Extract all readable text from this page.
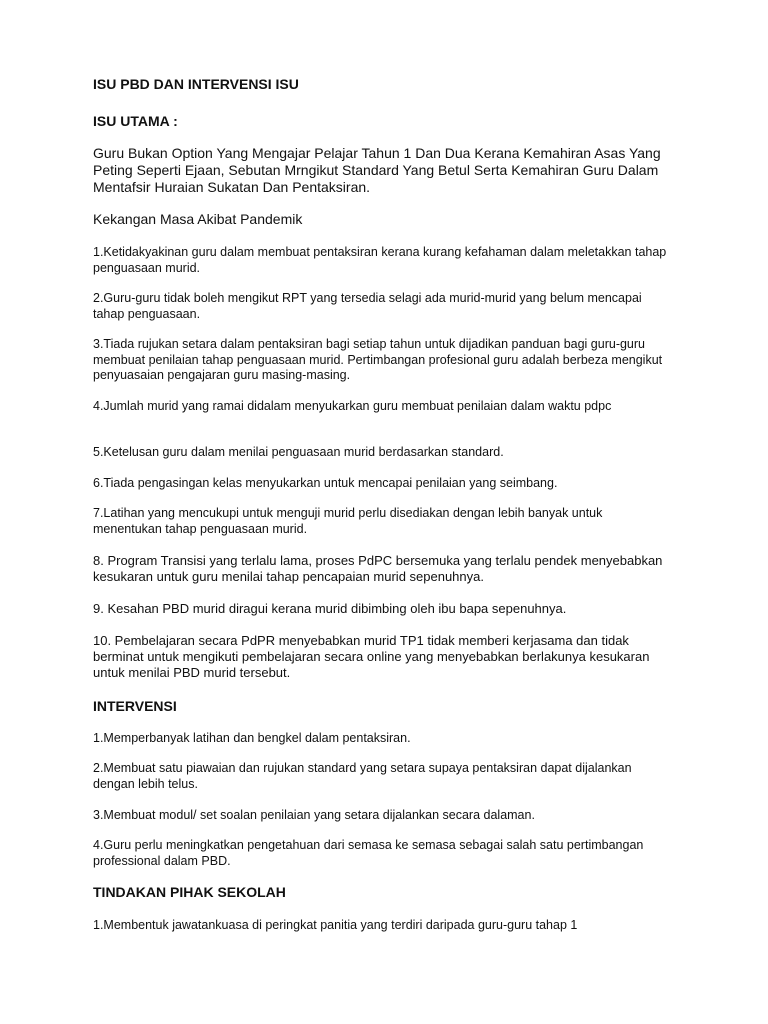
ISU PBD DAN INTERVENSI ISU
ISU UTAMA :

Guru Bukan Option Yang Mengajar Pelajar Tahun 1 Dan Dua Kerana Kemahiran Asas Yang Peting Seperti Ejaan, Sebutan Mrngikut Standard Yang Betul Serta Kemahiran Guru Dalam Mentafsir Huraian Sukatan Dan Pentaksiran.

Kekangan Masa Akibat Pandemik

1.Ketidakyakinan guru dalam membuat pentaksiran kerana kurang kefahaman dalam meletakkan tahap penguasaan murid.

2.Guru-guru tidak boleh mengikut RPT yang tersedia selagi ada murid-murid yang belum mencapai tahap penguasaan.

3.Tiada rujukan setara dalam pentaksiran bagi setiap tahun untuk dijadikan panduan bagi guru-guru membuat penilaian tahap penguasaan murid. Pertimbangan profesional guru adalah berbeza mengikut penyuasaian pengajaran guru masing-masing.

4.Jumlah murid yang ramai didalam menyukarkan guru membuat penilaian dalam waktu pdpc

5.Ketelusan guru dalam menilai penguasaan murid berdasarkan standard.

6.Tiada pengasingan kelas menyukarkan untuk mencapai penilaian yang seimbang.

7.Latihan yang mencukupi untuk menguji murid perlu disediakan dengan lebih banyak untuk menentukan tahap penguasaan murid.

8. Program Transisi yang terlalu lama, proses PdPC bersemuka yang terlalu pendek menyebabkan kesukaran untuk guru menilai tahap pencapaian murid sepenuhnya.

9. Kesahan PBD murid diragui kerana murid dibimbing oleh ibu bapa sepenuhnya.

10. Pembelajaran secara PdPR menyebabkan murid TP1 tidak memberi kerjasama dan tidak berminat untuk mengikuti pembelajaran secara online yang menyebabkan berlakunya kesukaran untuk menilai PBD murid tersebut.

INTERVENSI

1.Memperbanyak latihan dan bengkel dalam pentaksiran.

2.Membuat satu piawaian dan rujukan standard yang setara supaya pentaksiran dapat dijalankan dengan lebih telus.

3.Membuat modul/ set soalan penilaian yang setara dijalankan secara dalaman.

4.Guru perlu meningkatkan pengetahuan dari semasa ke semasa sebagai salah satu pertimbangan professional dalam PBD.

TINDAKAN PIHAK SEKOLAH

1.Membentuk jawatankuasa di peringkat panitia yang terdiri daripada guru-guru tahap 1
